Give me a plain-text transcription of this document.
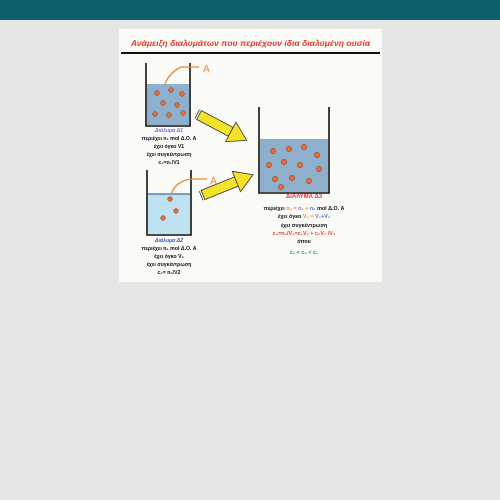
Ανάμειξη διαλυμάτων που περιέχουν ίδια διαλυμένη ουσία
A
A
Διάλυμα Δ1
περιέχει n₁ mol Δ.Ο. Α
έχει όγκο V1
έχει συγκέντρωση
c₁=n₁/V1
Διάλυμα Δ2
περιέχει n₂ mol Δ.Ο. Α
έχει όγκο V₂
έχει συγκέντρωση
c₂= n₂/V2
ΔΙΑΛΥΜΑ Δ3
περιέχει n₃ = n₁ + n₂ mol Δ.Ο. Α
έχει όγκο V₃ = V₁+V₂
έχει συγκέντρωση
c₃=n₃/V₃=c₁V₁ + c₂V₂ /V₃
όπου
c₂ < c₃ < c₁
